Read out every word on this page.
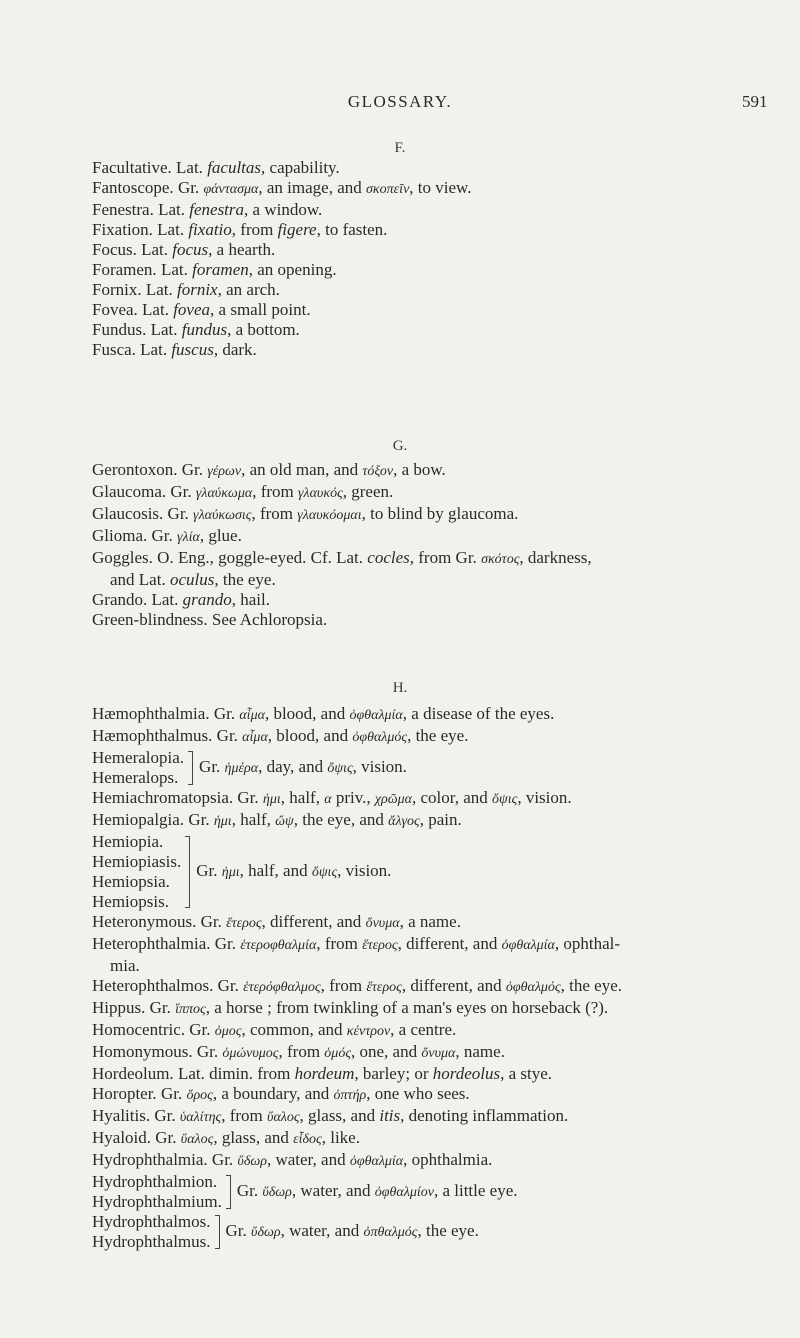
GLOSSARY.	591
F.
Facultative. Lat. facultas, capability.
Fantoscope. Gr. φάντασμα, an image, and σκοπεῖν, to view.
Fenestra. Lat. fenestra, a window.
Fixation. Lat. fixatio, from figere, to fasten.
Focus. Lat. focus, a hearth.
Foramen. Lat. foramen, an opening.
Fornix. Lat. fornix, an arch.
Fovea. Lat. fovea, a small point.
Fundus. Lat. fundus, a bottom.
Fusca. Lat. fuscus, dark.
G.
Gerontoxon. Gr. γέρων, an old man, and τόξον, a bow.
Glaucoma. Gr. γλαύκωμα, from γλαυκός, green.
Glaucosis. Gr. γλαύκωσις, from γλαυκόομαι, to blind by glaucoma.
Glioma. Gr. γλία, glue.
Goggles. O. Eng., goggle-eyed. Cf. Lat. cocles, from Gr. σκότος, darkness,
and Lat. oculus, the eye.
Grando. Lat. grando, hail.
Green-blindness. See Achloropsia.
H.
Hæmophthalmia. Gr. αἷμα, blood, and ὀφθαλμία, a disease of the eyes.
Hæmophthalmus. Gr. αἷμα, blood, and ὀφθαλμός, the eye.
Hemeralopia.
Hemeralops.
Gr. ἡμέρα, day, and ὄψις, vision.
Hemiachromatopsia. Gr. ἡμι, half, α priv., χρῶμα, color, and ὄψις, vision.
Hemiopalgia. Gr. ἡμι, half, ὤψ, the eye, and ἄλγος, pain.
Hemiopia.
Hemiopiasis.
Hemiopsia.
Hemiopsis.
Gr. ἡμι, half, and ὄψις, vision.
Heteronymous. Gr. ἕτερος, different, and ὄνυμα, a name.
Heterophthalmia. Gr. ἑτεροφθαλμία, from ἕτερος, different, and ὀφθαλμία, ophthal-
mia.
Heterophthalmos. Gr. ἑτερόφθαλμος, from ἕτερος, different, and ὀφθαλμός, the eye.
Hippus. Gr. ἵππος, a horse ; from twinkling of a man's eyes on horseback (?).
Homocentric. Gr. ὁμος, common, and κέντρον, a centre.
Homonymous. Gr. ὁμώνυμος, from ὁμός, one, and ὄνυμα, name.
Hordeolum. Lat. dimin. from hordeum, barley; or hordeolus, a stye.
Horopter. Gr. ὅρος, a boundary, and ὀπτήρ, one who sees.
Hyalitis. Gr. ὑαλίτης, from ὕαλος, glass, and itis, denoting inflammation.
Hyaloid. Gr. ὕαλος, glass, and εἶδος, like.
Hydrophthalmia. Gr. ὕδωρ, water, and ὀφθαλμία, ophthalmia.
Hydrophthalmion.
Hydrophthalmium.
Gr. ὕδωρ, water, and ὀφθαλμίον, a little eye.
Hydrophthalmos.
Hydrophthalmus.
Gr. ὕδωρ, water, and ὀπθαλμός, the eye.
